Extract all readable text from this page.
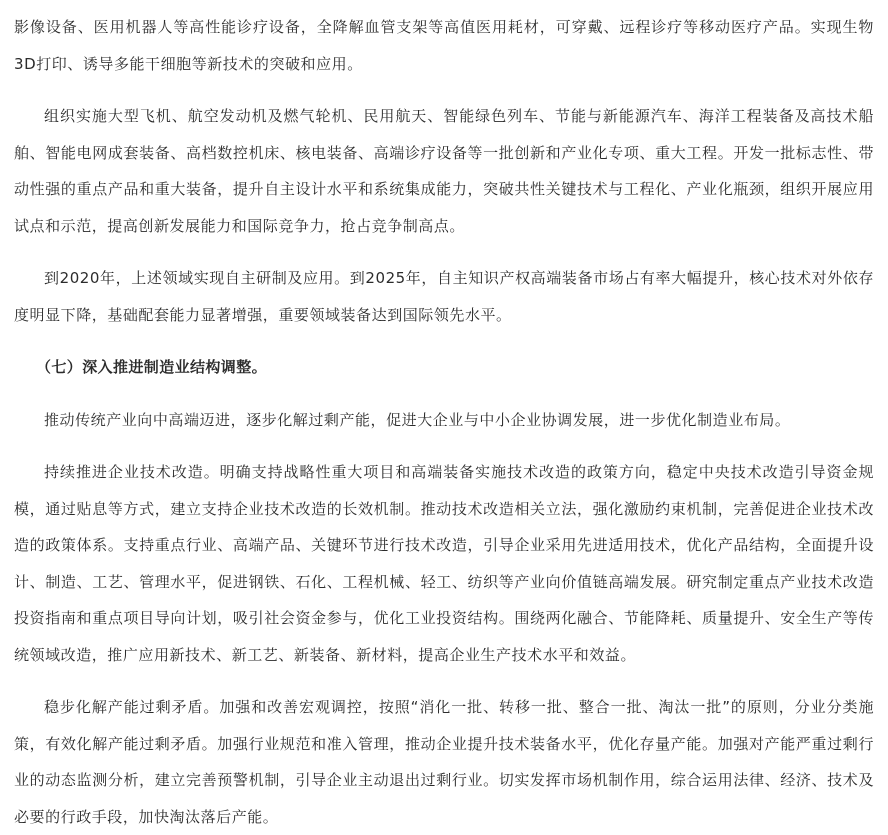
影像设备、医用机器人等高性能诊疗设备，全降解血管支架等高值医用耗材，可穿戴、远程诊疗等移动医疗产品。实现生物3D打印、诱导多能干细胞等新技术的突破和应用。

组织实施大型飞机、航空发动机及燃气轮机、民用航天、智能绿色列车、节能与新能源汽车、海洋工程装备及高技术船舶、智能电网成套装备、高档数控机床、核电装备、高端诊疗设备等一批创新和产业化专项、重大工程。开发一批标志性、带动性强的重点产品和重大装备，提升自主设计水平和系统集成能力，突破共性关键技术与工程化、产业化瓶颈，组织开展应用试点和示范，提高创新发展能力和国际竞争力，抢占竞争制高点。

到2020年，上述领域实现自主研制及应用。到2025年，自主知识产权高端装备市场占有率大幅提升，核心技术对外依存度明显下降，基础配套能力显著增强，重要领域装备达到国际领先水平。

（七）深入推进制造业结构调整。

推动传统产业向中高端迈进，逐步化解过剩产能，促进大企业与中小企业协调发展，进一步优化制造业布局。

持续推进企业技术改造。明确支持战略性重大项目和高端装备实施技术改造的政策方向，稳定中央技术改造引导资金规模，通过贴息等方式，建立支持企业技术改造的长效机制。推动技术改造相关立法，强化激励约束机制，完善促进企业技术改造的政策体系。支持重点行业、高端产品、关键环节进行技术改造，引导企业采用先进适用技术，优化产品结构，全面提升设计、制造、工艺、管理水平，促进钢铁、石化、工程机械、轻工、纺织等产业向价值链高端发展。研究制定重点产业技术改造投资指南和重点项目导向计划，吸引社会资金参与，优化工业投资结构。围绕两化融合、节能降耗、质量提升、安全生产等传统领域改造，推广应用新技术、新工艺、新装备、新材料，提高企业生产技术水平和效益。

稳步化解产能过剩矛盾。加强和改善宏观调控，按照“消化一批、转移一批、整合一批、淘汰一批”的原则，分业分类施策，有效化解产能过剩矛盾。加强行业规范和准入管理，推动企业提升技术装备水平，优化存量产能。加强对产能严重过剩行业的动态监测分析，建立完善预警机制，引导企业主动退出过剩行业。切实发挥市场机制作用，综合运用法律、经济、技术及必要的行政手段，加快淘汰落后产能。
